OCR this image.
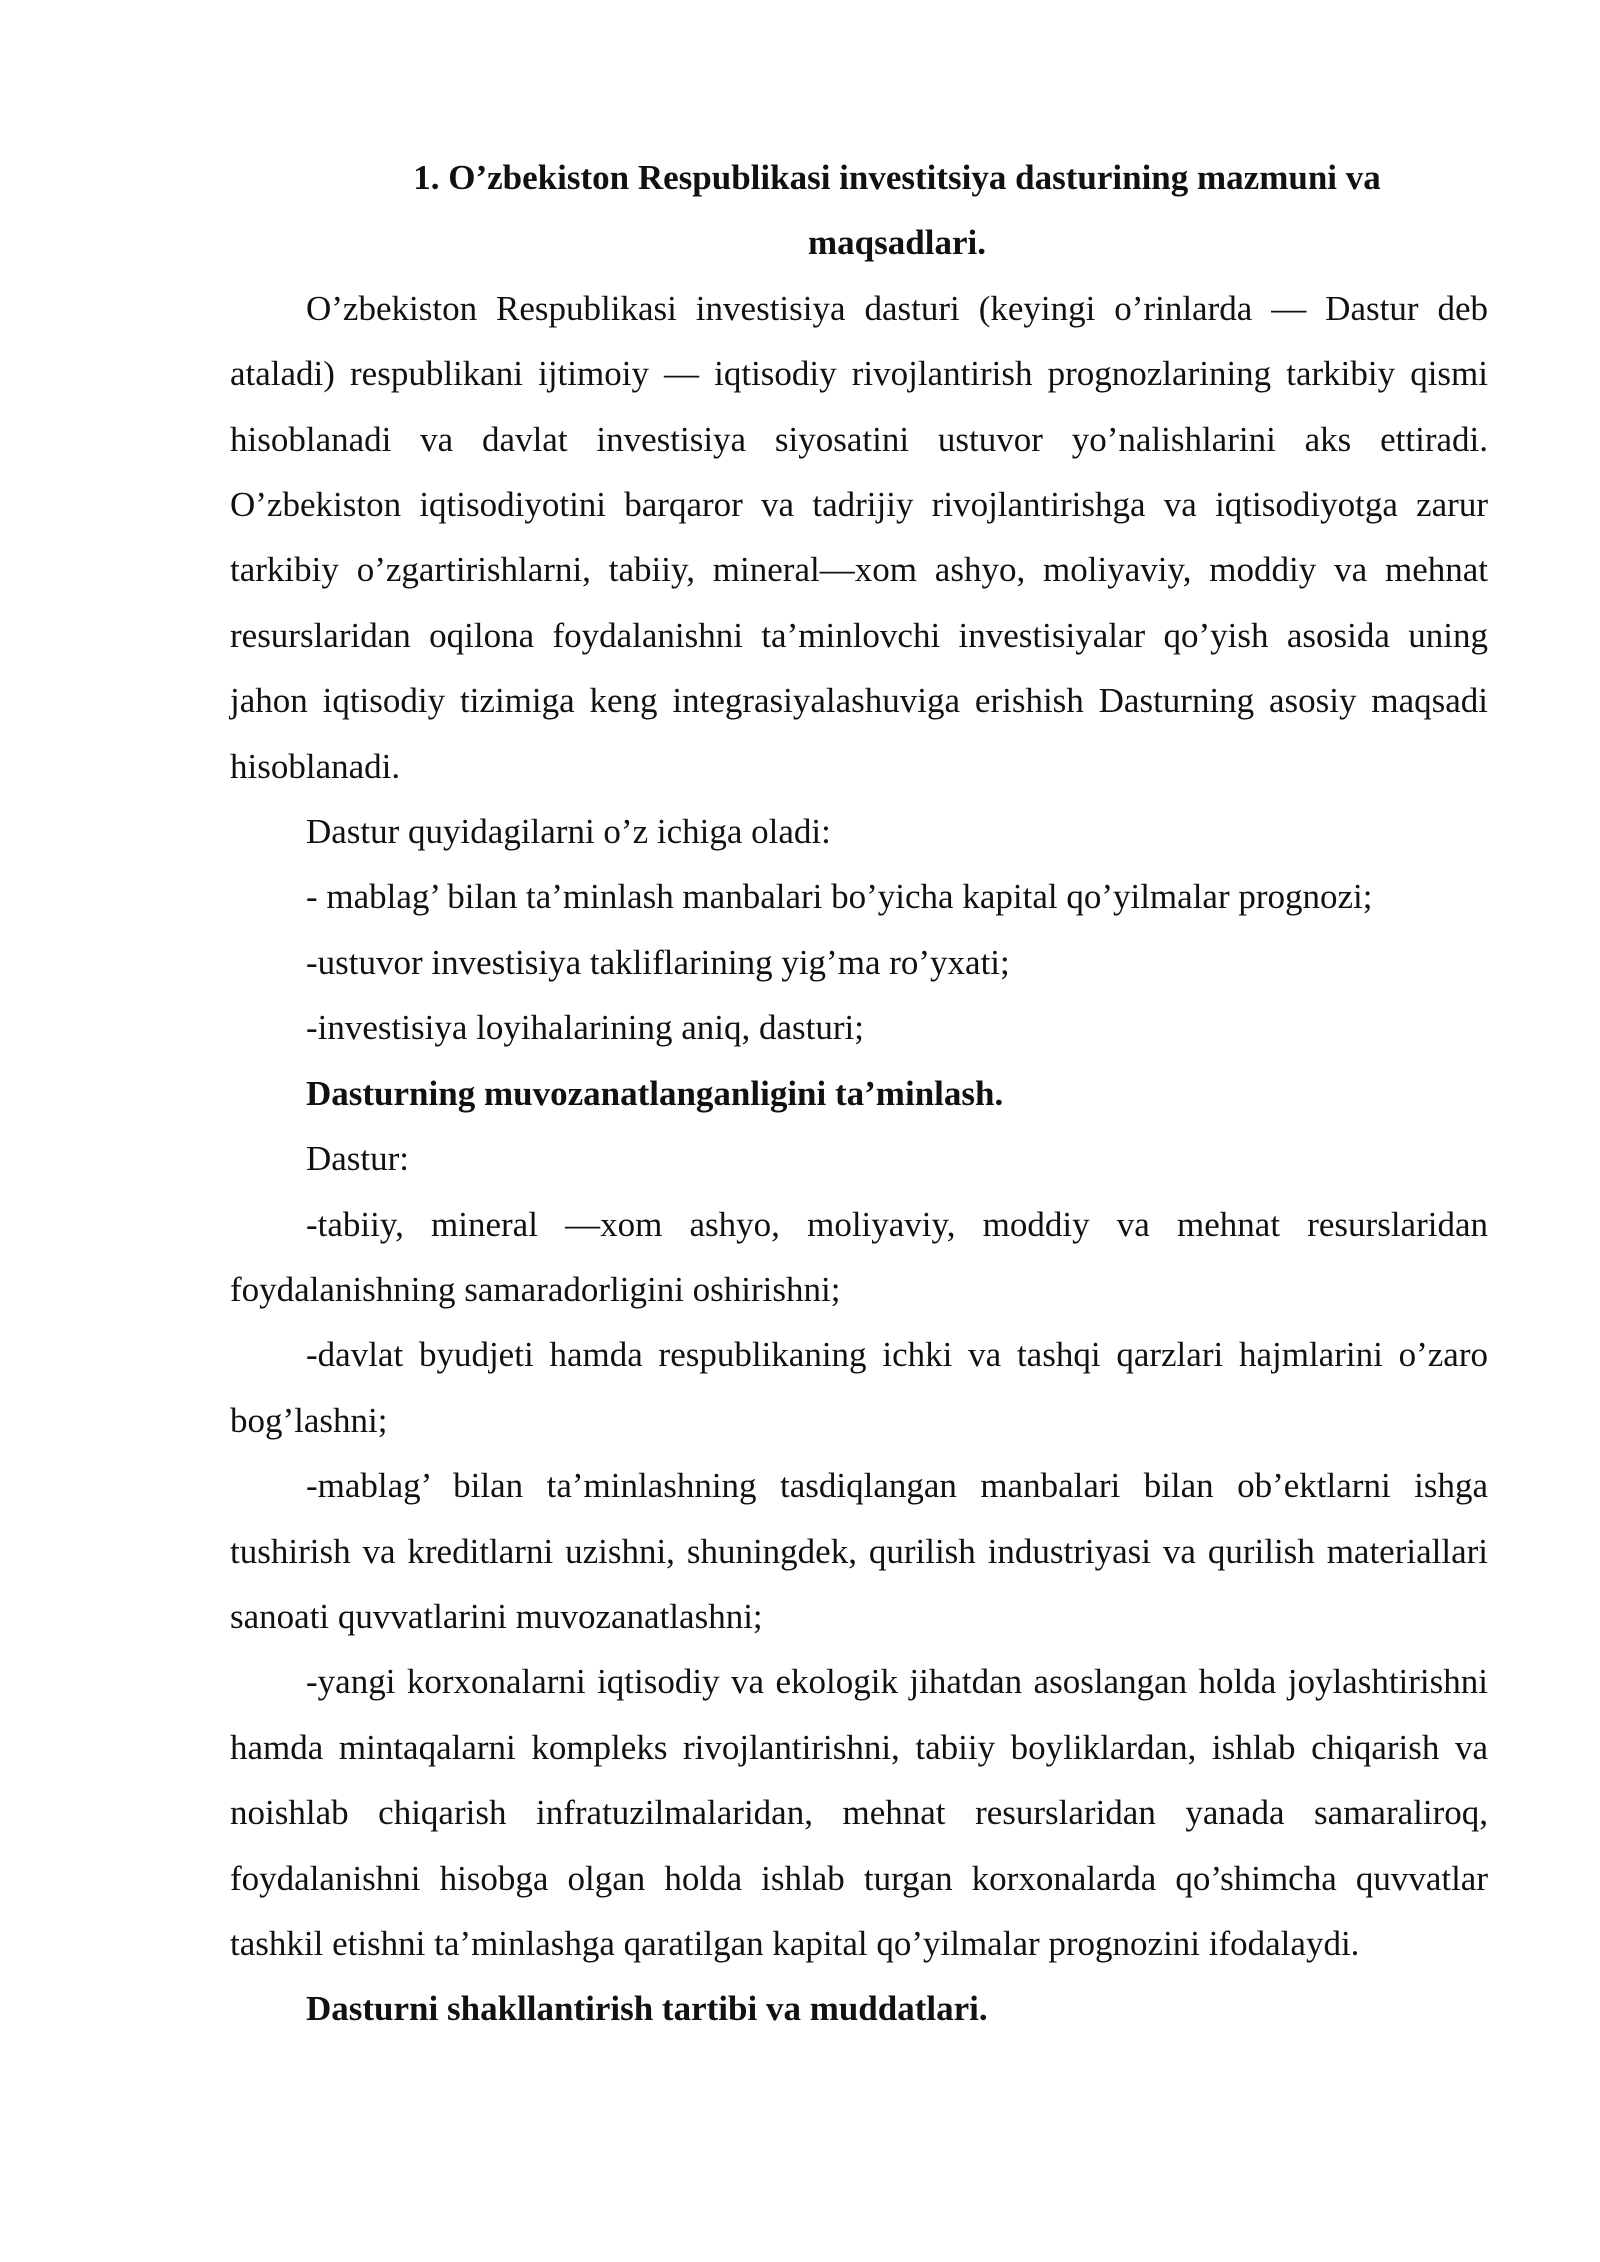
1. O’zbekiston Respublikasi investitsiya dasturining mazmuni va
maqsadlari.

O’zbekiston Respublikasi investisiya dasturi (keyingi o’rinlarda — Dastur deb ataladi) respublikani ijtimoiy — iqtisodiy rivojlantirish prognozlarining tarkibiy qismi hisoblanadi va davlat investisiya siyosatini ustuvor yo’nalishlarini aks ettiradi. O’zbekiston iqtisodiyotini barqaror va tadrijiy rivojlantirishga va iqtisodiyotga zarur tarkibiy o’zgartirishlarni, tabiiy, mineral—xom ashyo, moliyaviy, moddiy va mehnat resurslaridan oqilona foydalanishni ta’minlovchi investisiyalar qo’yish asosida uning jahon iqtisodiy tizimiga keng integrasiyalashuviga erishish Dasturning asosiy maqsadi hisoblanadi.

Dastur quyidagilarni o’z ichiga oladi:

- mablag’ bilan ta’minlash manbalari bo’yicha kapital qo’yilmalar prognozi;

-ustuvor investisiya takliflarining yig’ma ro’yxati;

-investisiya loyihalarining aniq, dasturi;

Dasturning muvozanatlanganligini ta’minlash.

Dastur:

-tabiiy, mineral —xom ashyo, moliyaviy, moddiy va mehnat resurslaridan foydalanishning samaradorligini oshirishni;

-davlat byudjeti hamda respublikaning ichki va tashqi qarzlari hajmlarini o’zaro bog’lashni;

-mablag’ bilan ta’minlashning tasdiqlangan manbalari bilan ob’ektlarni ishga tushirish va kreditlarni uzishni, shuningdek, qurilish industriyasi va qurilish materiallari sanoati quvvatlarini muvozanatlashni;

-yangi korxonalarni iqtisodiy va ekologik jihatdan asoslangan holda joylashtirishni hamda mintaqalarni kompleks rivojlantirishni, tabiiy boyliklardan, ishlab chiqarish va noishlab chiqarish infratuzilmalaridan, mehnat resurslaridan yanada samaraliroq, foydalanishni hisobga olgan holda ishlab turgan korxonalarda qo’shimcha quvvatlar tashkil etishni ta’minlashga qaratilgan kapital qo’yilmalar prognozini ifodalaydi.

Dasturni shakllantirish tartibi va muddatlari.
